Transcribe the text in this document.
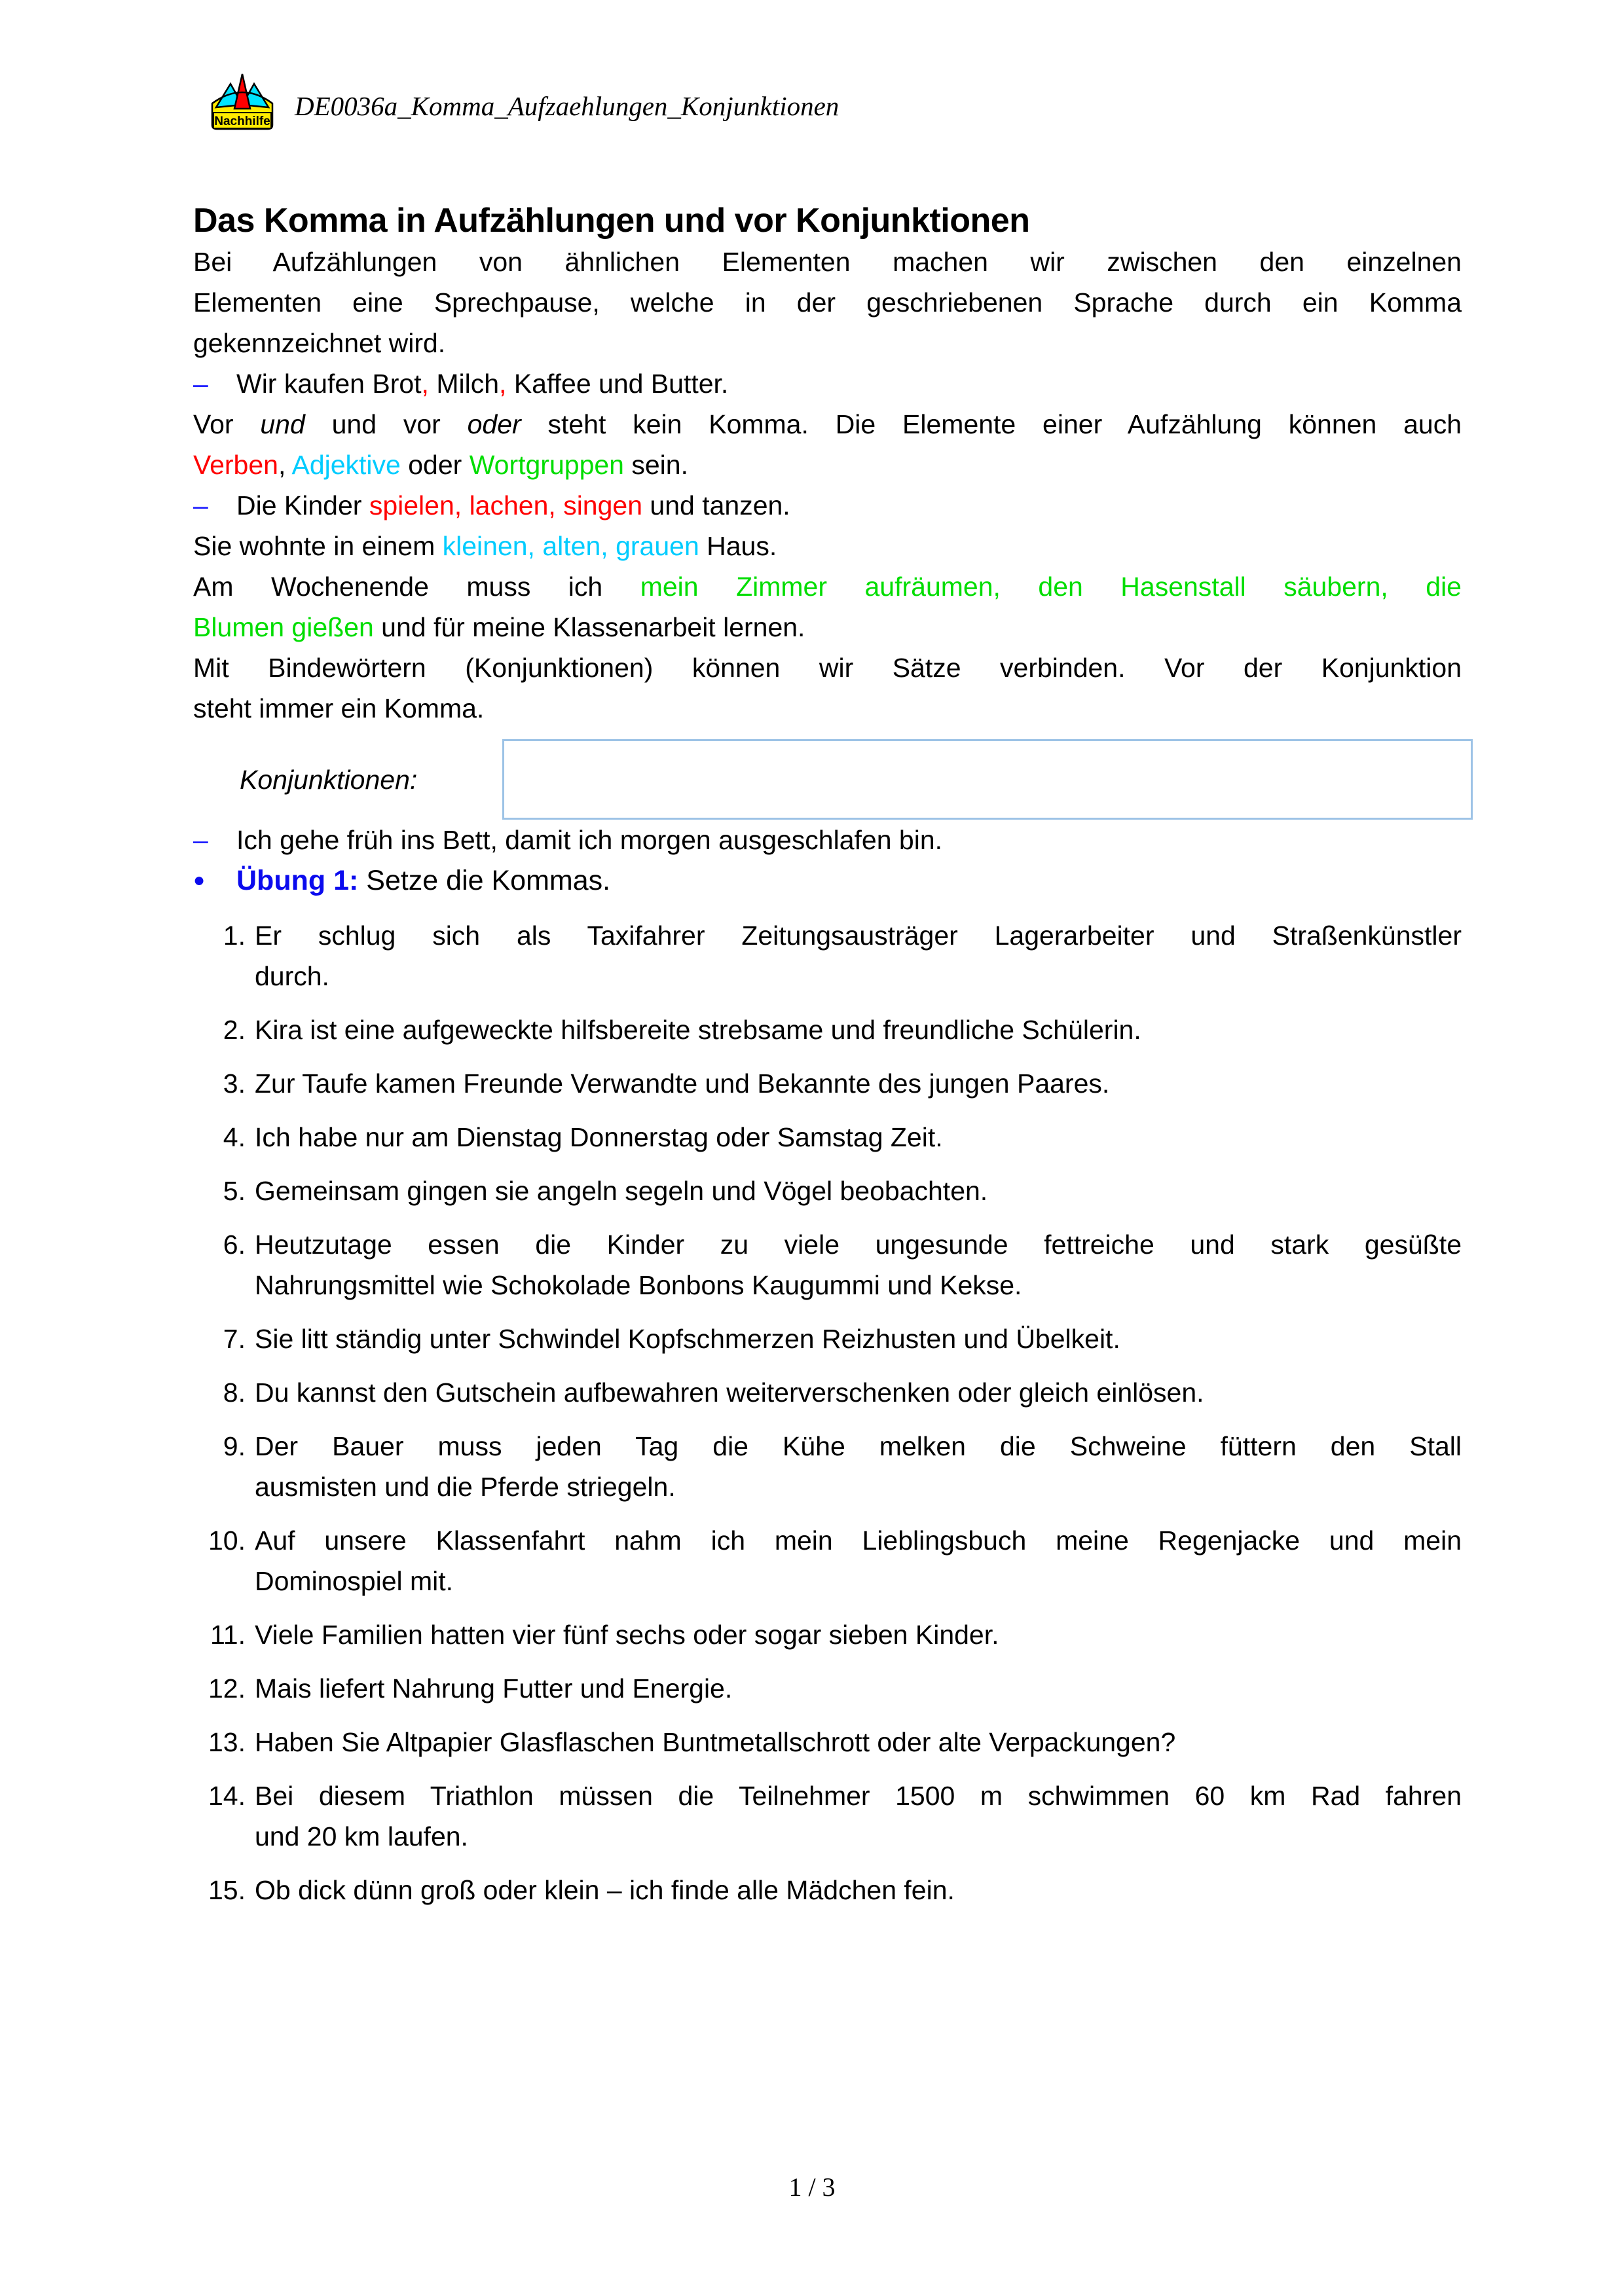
Nachhilfe
DE0036a_Komma_Aufzaehlungen_Konjunktionen
Das Komma in Aufzählungen und vor Konjunktionen

Bei Aufzählungen von ähnlichen Elementen machen wir zwischen den einzelnen
Elementen eine Sprechpause, welche in der geschriebenen Sprache durch ein Komma
gekennzeichnet wird.

–	Wir kaufen Brot, Milch, Kaffee und Butter.

Vor und und vor oder steht kein Komma. Die Elemente einer Aufzählung können auch
Verben, Adjektive oder Wortgruppen sein.

–	Die Kinder spielen, lachen, singen und tanzen.

Sie wohnte in einem kleinen, alten, grauen Haus.

Am Wochenende muss ich mein Zimmer aufräumen, den Hasenstall säubern, die
Blumen gießen und für meine Klassenarbeit lernen.

Mit Bindewörtern (Konjunktionen) können wir Sätze verbinden. Vor der Konjunktion
steht immer ein Komma.

Konjunktionen:
–	Ich gehe früh ins Bett, damit ich morgen ausgeschlafen bin.
●	Übung 1: Setze die Kommas.
1. Er schlug sich als Taxifahrer Zeitungsausträger Lagerarbeiter und Straßenkünstler
durch.
2. Kira ist eine aufgeweckte hilfsbereite strebsame und freundliche Schülerin.
3. Zur Taufe kamen Freunde Verwandte und Bekannte des jungen Paares.
4. Ich habe nur am Dienstag Donnerstag oder Samstag Zeit.
5. Gemeinsam gingen sie angeln segeln und Vögel beobachten.
6. Heutzutage essen die Kinder zu viele ungesunde fettreiche und stark gesüßte
Nahrungsmittel wie Schokolade Bonbons Kaugummi und Kekse.
7. Sie litt ständig unter Schwindel Kopfschmerzen Reizhusten und Übelkeit.
8. Du kannst den Gutschein aufbewahren weiterverschenken oder gleich einlösen.
9. Der Bauer muss jeden Tag die Kühe melken die Schweine füttern den Stall
ausmisten und die Pferde striegeln.
10. Auf unsere Klassenfahrt nahm ich mein Lieblingsbuch meine Regenjacke und mein
Dominospiel mit.
11. Viele Familien hatten vier fünf sechs oder sogar sieben Kinder.
12. Mais liefert Nahrung Futter und Energie.
13. Haben Sie Altpapier Glasflaschen Buntmetallschrott oder alte Verpackungen?
14. Bei diesem Triathlon müssen die Teilnehmer 1500 m schwimmen 60 km Rad fahren
und 20 km laufen.
15. Ob dick dünn groß oder klein – ich finde alle Mädchen fein.
1 / 3
